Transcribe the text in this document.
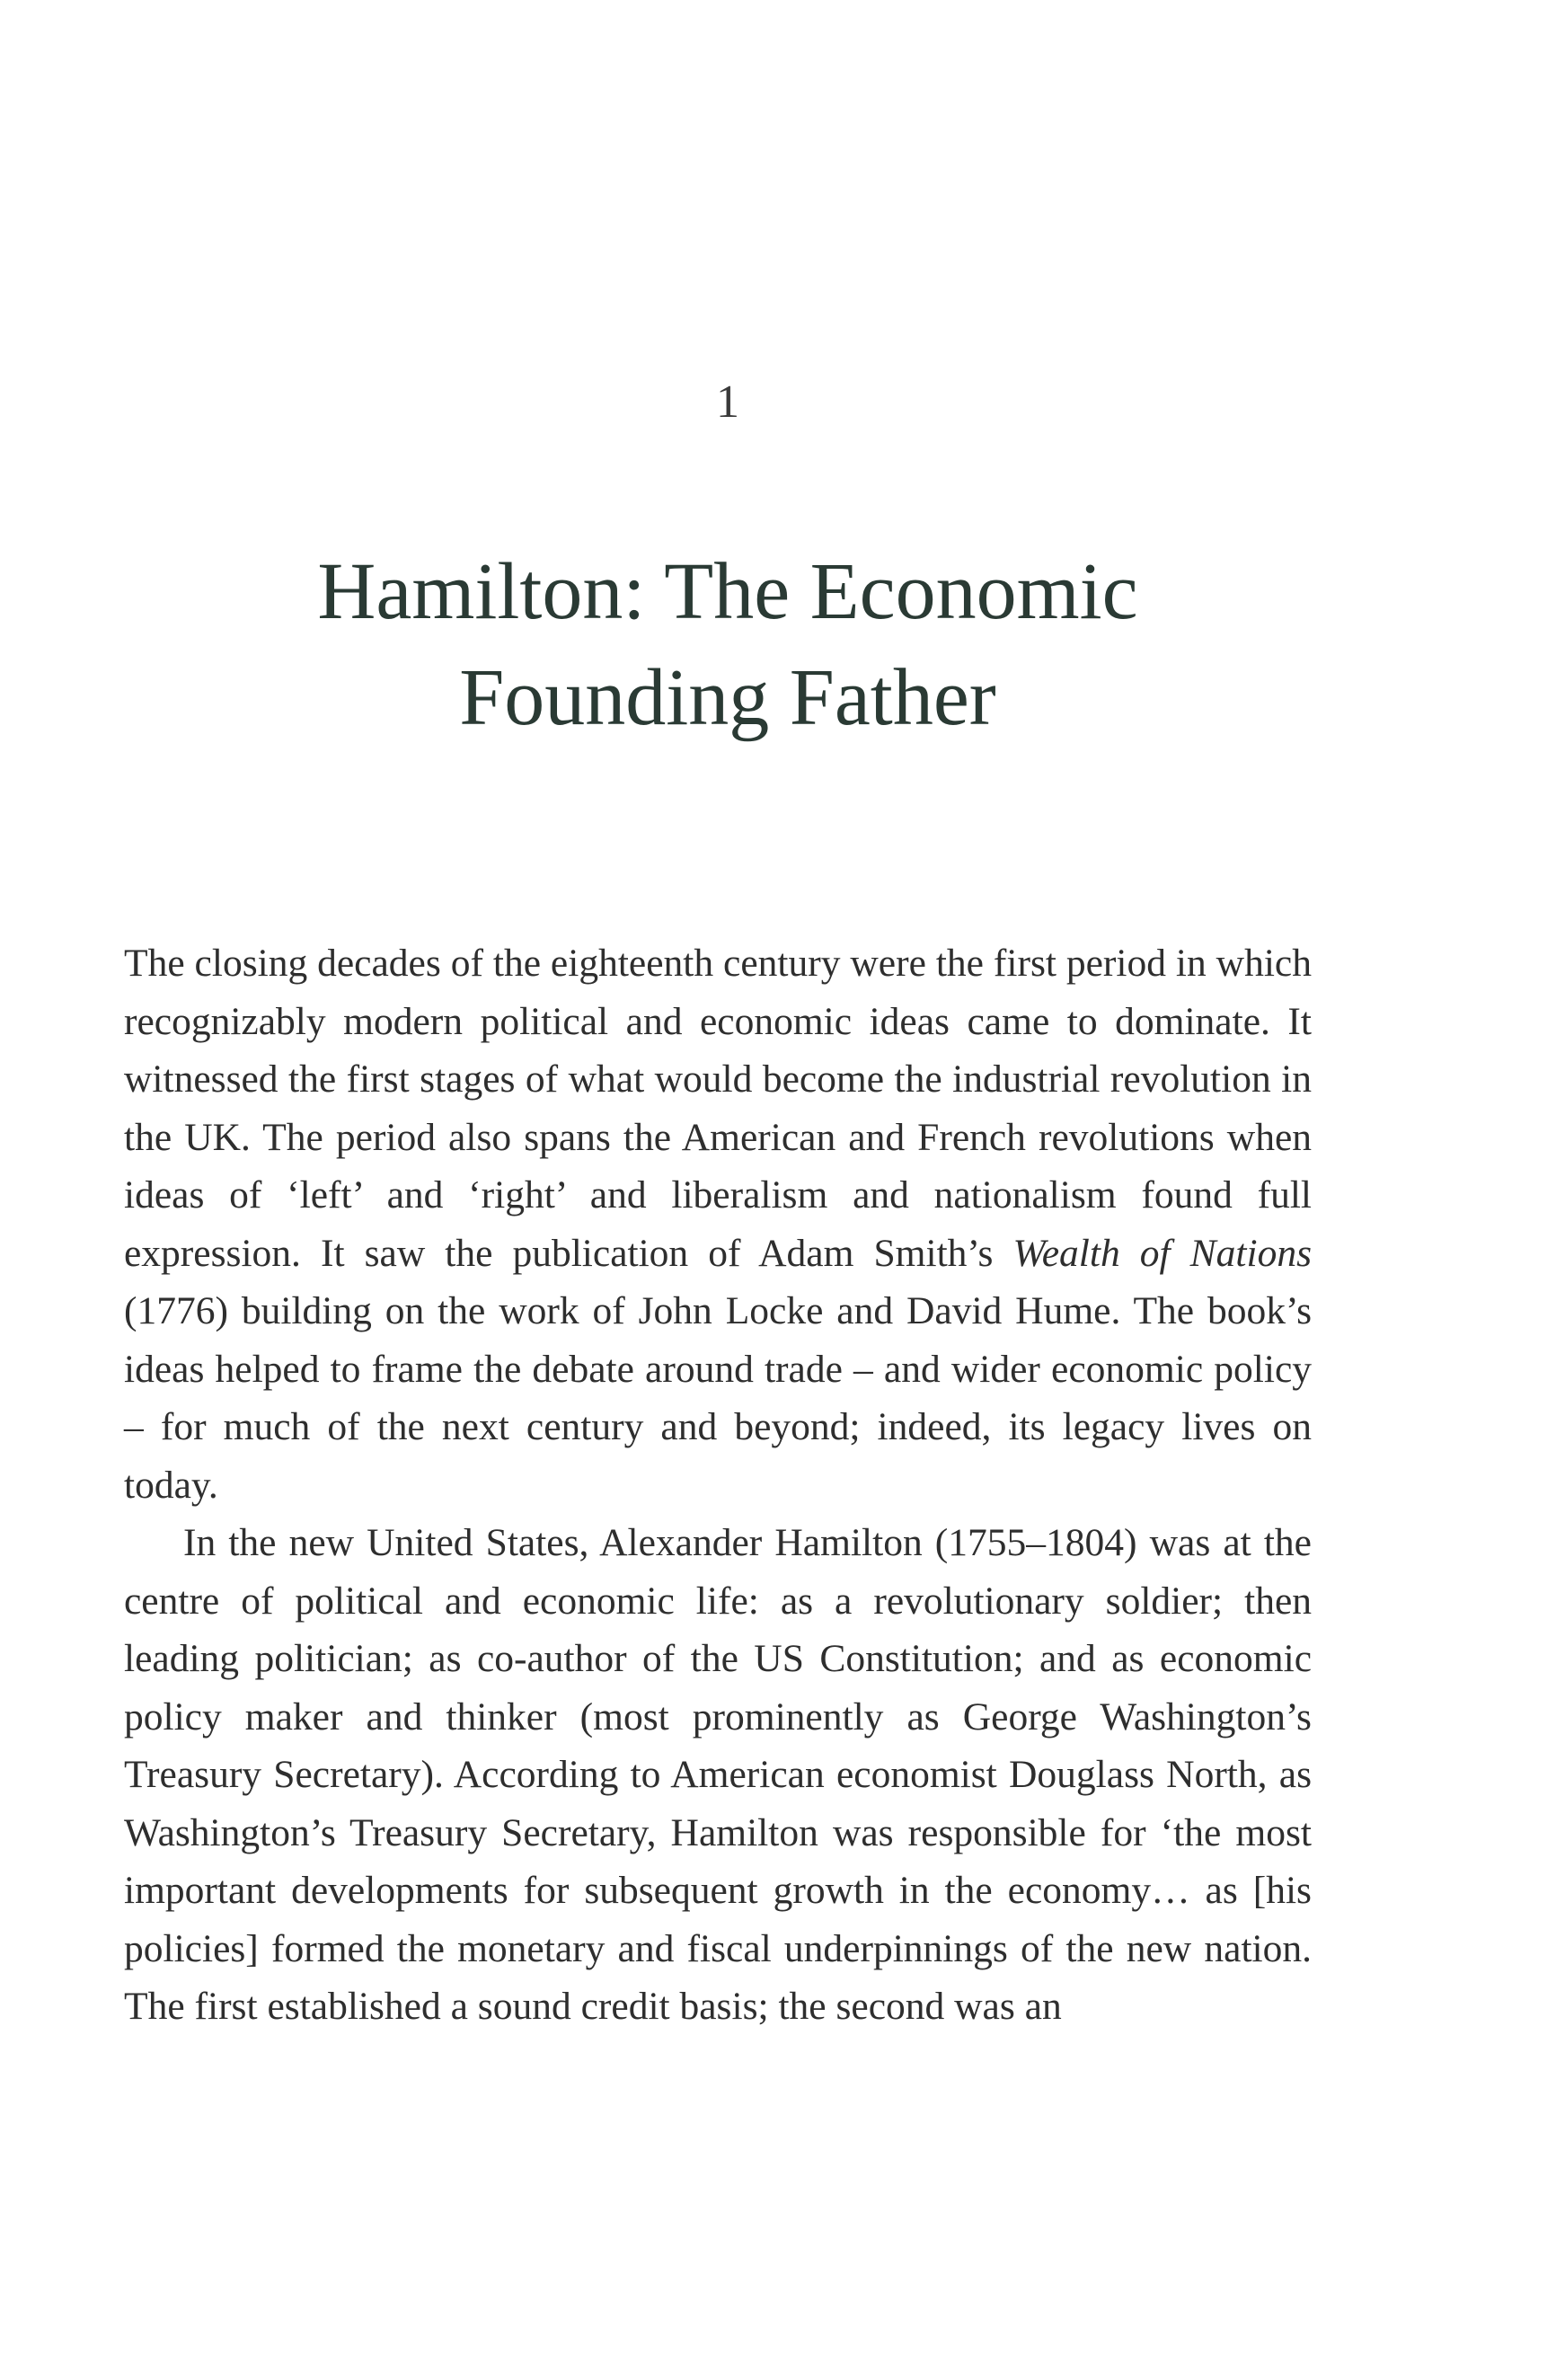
1
Hamilton: The Economic
Founding Father

The closing decades of the eighteenth century were the first period in which recognizably modern political and economic ideas came to dominate. It witnessed the first stages of what would become the industrial revolution in the UK. The period also spans the American and French revolutions when ideas of ‘left’ and ‘right’ and liberalism and nationalism found full expression. It saw the publication of Adam Smith’s Wealth of Nations (1776) building on the work of John Locke and David Hume. The book’s ideas helped to frame the debate around trade – and wider economic policy – for much of the next century and beyond; indeed, its legacy lives on today.

In the new United States, Alexander Hamilton (1755–1804) was at the centre of political and economic life: as a revolutionary soldier; then leading politician; as co-author of the US Constitution; and as economic policy maker and thinker (most prominently as George Washington’s Treasury Secretary). According to American economist Douglass North, as Washington’s Treasury Secretary, Hamilton was responsible for ‘the most important developments for subsequent growth in the economy… as [his policies] formed the monetary and fiscal underpinnings of the new nation. The first established a sound credit basis; the second was an
